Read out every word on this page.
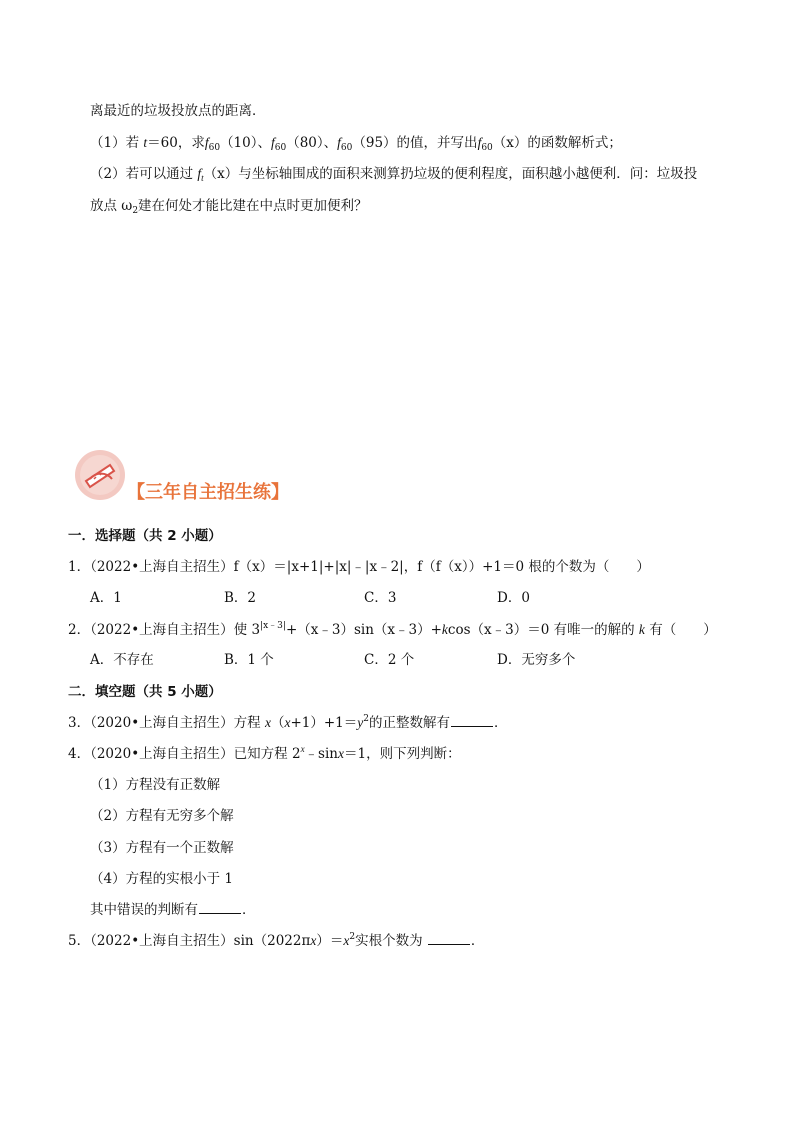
离最近的垃圾投放点的距离．
（1）若 t＝60，求$f_{60}(10)$、$f_{60}(80)$、$f_{60}(95)$的值，并写出$f_{60}(x)$的函数解析式；
（2）若可以通过 $f_t(x)$与坐标轴围成的面积来测算扔垃圾的便利程度，面积越小越便利．问：垃圾投
放点 $\omega_2$建在何处才能比建在中点时更加便利？
【三年自主招生练】
一．选择题（共 2 小题）
1．（2022•上海自主招生）f（x）＝|x+1|+|x|﹣|x﹣2|，f（f（x））+1＝0 根的个数为（　　）
A．1	B．2	C．3	D．0
2．（2022•上海自主招生）使 $3^{|x﹣3|}+(x﹣3)\sin(x﹣3)+kcos(x﹣3)=0$ 有唯一的解的 k 有（　　）
A．不存在	B．1 个	C．2 个	D．无穷多个
二．填空题（共 5 小题）
3．（2020•上海自主招生）方程 $x(x+1)+1=y^2$的正整数解有	．
4．（2020•上海自主招生）已知方程 $2^x﹣\sin x=1$，则下列判断：
（1）方程没有正数解
（2）方程有无穷多个解
（3）方程有一个正数解
（4）方程的实根小于 1
其中错误的判断有	．
5．（2022•上海自主招生）$\sin(2022\pi x)=x^2$实根个数为	．
